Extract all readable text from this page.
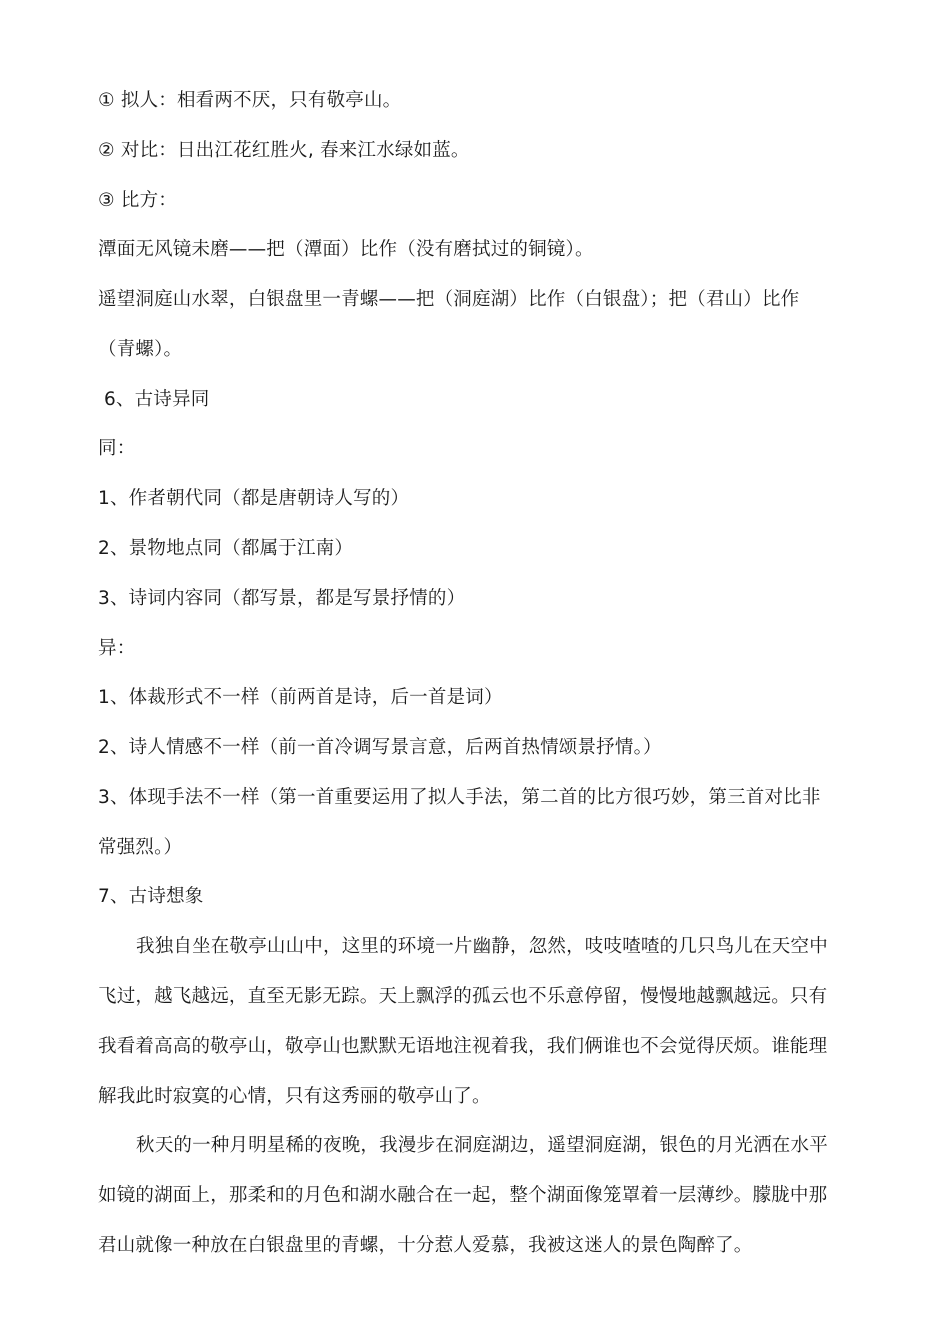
① 拟人：相看两不厌，只有敬亭山。
② 对比：日出江花红胜火, 春来江水绿如蓝。
③ 比方：
潭面无风镜未磨——把（潭面）比作（没有磨拭过的铜镜）。
遥望洞庭山水翠，白银盘里一青螺——把（洞庭湖）比作（白银盘）；把（君山）比作
（青螺）。
6、古诗异同
同：
1、作者朝代同（都是唐朝诗人写的）
2、景物地点同（都属于江南）
3、诗词内容同（都写景，都是写景抒情的）
异：
1、体裁形式不一样（前两首是诗，后一首是词）
2、诗人情感不一样（前一首冷调写景言意，后两首热情颂景抒情。）
3、体现手法不一样（第一首重要运用了拟人手法，第二首的比方很巧妙，第三首对比非
常强烈。）
7、古诗想象
我独自坐在敬亭山山中，这里的环境一片幽静，忽然，吱吱喳喳的几只鸟儿在天空中
飞过，越飞越远，直至无影无踪。天上飘浮的孤云也不乐意停留，慢慢地越飘越远。只有
我看着高高的敬亭山，敬亭山也默默无语地注视着我，我们俩谁也不会觉得厌烦。谁能理
解我此时寂寞的心情，只有这秀丽的敬亭山了。
秋天的一种月明星稀的夜晚，我漫步在洞庭湖边，遥望洞庭湖，银色的月光洒在水平
如镜的湖面上，那柔和的月色和湖水融合在一起，整个湖面像笼罩着一层薄纱。朦胧中那
君山就像一种放在白银盘里的青螺，十分惹人爱慕，我被这迷人的景色陶醉了。
